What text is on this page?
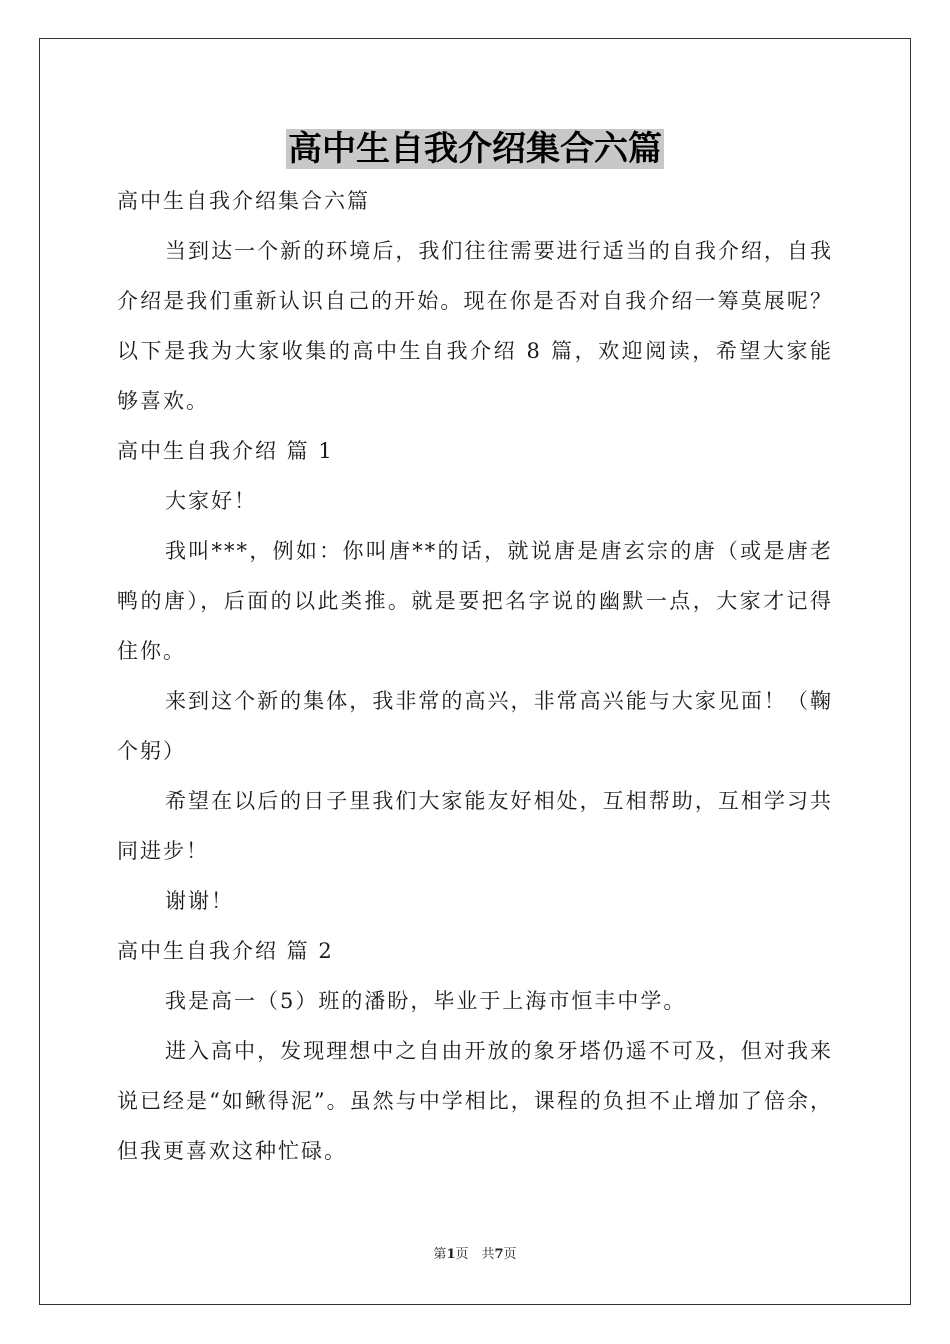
高中生自我介绍集合六篇

高中生自我介绍集合六篇

当到达一个新的环境后，我们往往需要进行适当的自我介绍，自我介绍是我们重新认识自己的开始。现在你是否对自我介绍一筹莫展呢？以下是我为大家收集的高中生自我介绍 8 篇，欢迎阅读，希望大家能够喜欢。

高中生自我介绍 篇 1

大家好！

我叫***，例如：你叫唐**的话，就说唐是唐玄宗的唐（或是唐老鸭的唐），后面的以此类推。就是要把名字说的幽默一点，大家才记得住你。

来到这个新的集体，我非常的高兴，非常高兴能与大家见面！（鞠个躬）

希望在以后的日子里我们大家能友好相处，互相帮助，互相学习共同进步！

谢谢！

高中生自我介绍 篇 2

我是高一（5）班的潘盼，毕业于上海市恒丰中学。

进入高中，发现理想中之自由开放的象牙塔仍遥不可及，但对我来说已经是“如鳅得泥”。虽然与中学相比，课程的负担不止增加了倍余，但我更喜欢这种忙碌。

第1页　共7页
